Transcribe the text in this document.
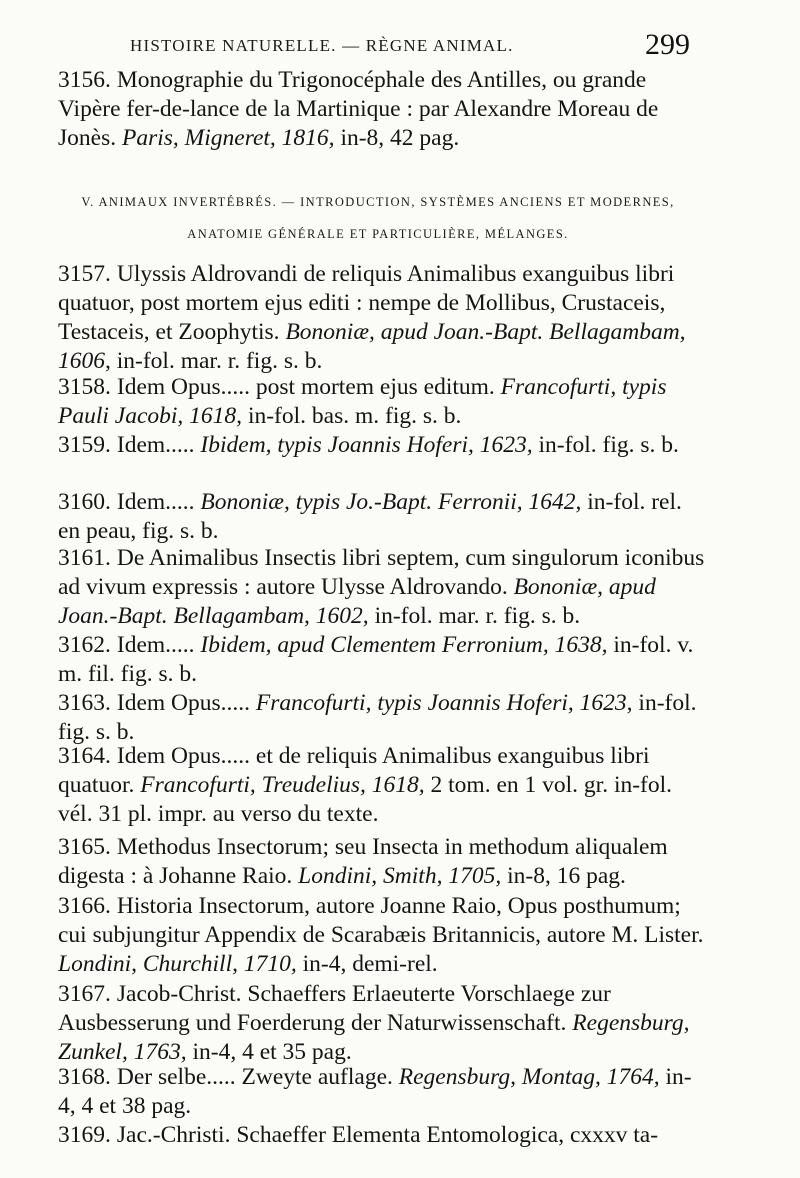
HISTOIRE NATURELLE. — RÈGNE ANIMAL.	299
3156. Monographie du Trigonocéphale des Antilles, ou grande Vipère fer-de-lance de la Martinique : par Alexandre Moreau de Jonès. Paris, Migneret, 1816, in-8, 42 pag.
V. ANIMAUX INVERTÉBRÉS. — INTRODUCTION, SYSTÈMES ANCIENS ET MODERNES,
ANATOMIE GÉNÉRALE ET PARTICULIÈRE, MÉLANGES.
3157. Ulyssis Aldrovandi de reliquis Animalibus exanguibus libri quatuor, post mortem ejus editi : nempe de Mollibus, Crustaceis, Testaceis, et Zoophytis. Bononiæ, apud Joan.-Bapt. Bellagambam, 1606, in-fol. mar. r. fig. s. b.
3158. Idem Opus..... post mortem ejus editum. Francofurti, typis Pauli Jacobi, 1618, in-fol. bas. m. fig. s. b.
3159. Idem..... Ibidem, typis Joannis Hoferi, 1623, in-fol. fig. s. b.
3160. Idem..... Bononiæ, typis Jo.-Bapt. Ferronii, 1642, in-fol. rel. en peau, fig. s. b.
3161. De Animalibus Insectis libri septem, cum singulorum iconibus ad vivum expressis : autore Ulysse Aldrovando. Bononiæ, apud Joan.-Bapt. Bellagambam, 1602, in-fol. mar. r. fig. s. b.
3162. Idem..... Ibidem, apud Clementem Ferronium, 1638, in-fol. v. m. fil. fig. s. b.
3163. Idem Opus..... Francofurti, typis Joannis Hoferi, 1623, in-fol. fig. s. b.
3164. Idem Opus..... et de reliquis Animalibus exanguibus libri quatuor. Francofurti, Treudelius, 1618, 2 tom. en 1 vol. gr. in-fol. vél. 31 pl. impr. au verso du texte.
3165. Methodus Insectorum; seu Insecta in methodum aliqualem digesta : à Johanne Raio. Londini, Smith, 1705, in-8, 16 pag.
3166. Historia Insectorum, autore Joanne Raio, Opus posthumum; cui subjungitur Appendix de Scarabæis Britannicis, autore M. Lister. Londini, Churchill, 1710, in-4, demi-rel.
3167. Jacob-Christ. Schaeffers Erlaeuterte Vorschlaege zur Ausbesserung und Foerderung der Naturwissenschaft. Regensburg, Zunkel, 1763, in-4, 4 et 35 pag.
3168. Der selbe..... Zweyte auflage. Regensburg, Montag, 1764, in-4, 4 et 38 pag.
3169. Jac.-Christi. Schaeffer Elementa Entomologica, cxxxv ta-
